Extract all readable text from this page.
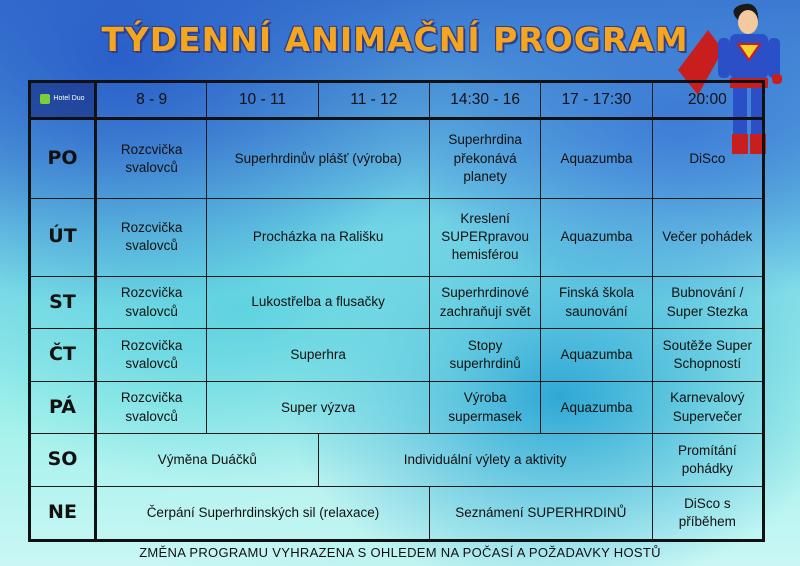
TÝDENNÍ ANIMAČNÍ PROGRAM
Hotel Duo	8 - 9	10 - 11	11 - 12	14:30 - 16	17 - 17:30	20:00
PO	Rozcvička svalovců	Superhrdinův plášť (výroba)		Superhrdina překonává planety	Aquazumba	DiSco
ÚT	Rozcvička svalovců	Procházka na Rališku		Kreslení SUPERpravou hemisférou	Aquazumba	Večer pohádek
ST	Rozcvička svalovců	Lukostřelba a flusačky		Superhrdinové zachraňují svět	Finská škola saunování	Bubnování / Super Stezka
ČT	Rozcvička svalovců	Superhra		Stopy superhrdinů	Aquazumba	Soutěže Super Schopností
PÁ	Rozcvička svalovců	Super výzva		Výroba supermasek	Aquazumba	Karnevalový Supervečer
SO	Výměna Duáčků		Individuální výlety a aktivity			Promítání pohádky
NE	Čerpání Superhrdinských sil (relaxace)			Seznámení SUPERHRDINŮ		DiSco s příběhem
ZMĚNA PROGRAMU VYHRAZENA S OHLEDEM NA POČASÍ A POŽADAVKY HOSTŮ
